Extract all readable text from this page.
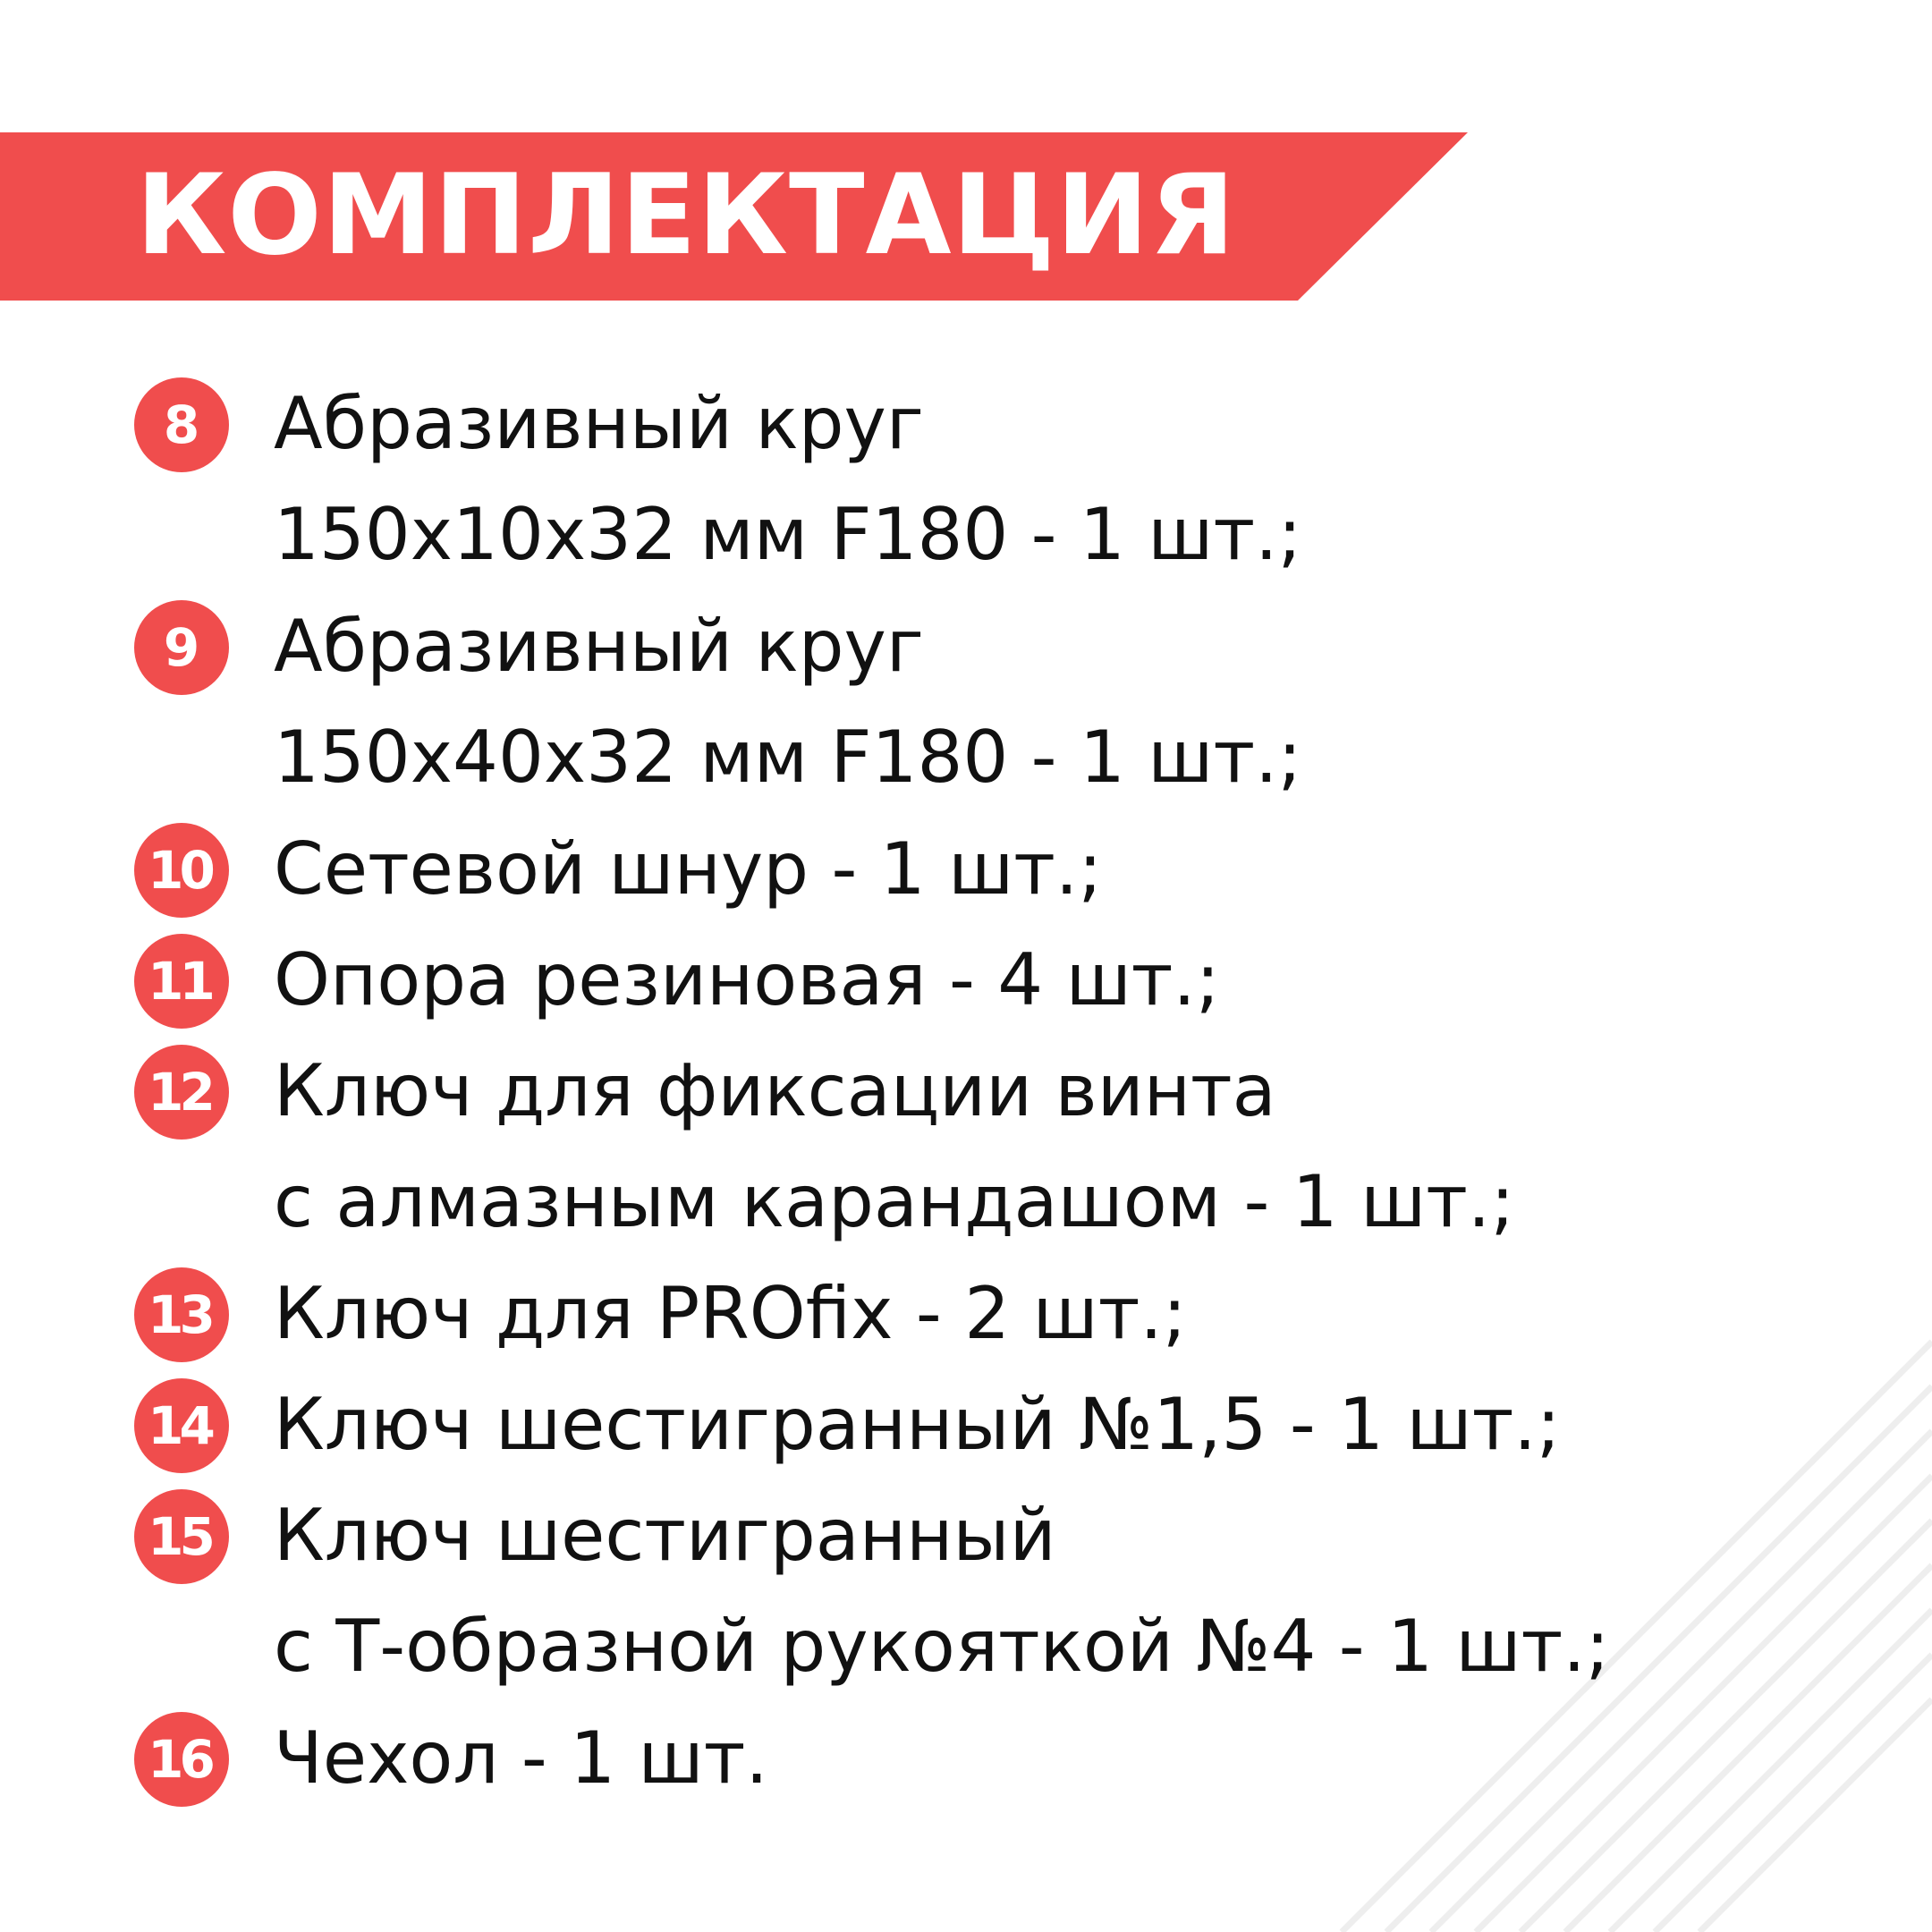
КОМПЛЕКТАЦИЯ
8	Абразивный круг
150х10х32 мм F180 - 1 шт.;
9	Абразивный круг
150х40х32 мм F180 - 1 шт.;
10 Сетевой шнур - 1 шт.;
11 Опора резиновая - 4 шт.;
12 Ключ для фиксации винта
с алмазным карандашом - 1 шт.;
13 Ключ для PROfix - 2 шт.;
14 Ключ шестигранный №1,5 - 1 шт.;
15 Ключ шестигранный
с Т-образной рукояткой №4 - 1 шт.;
16 Чехол - 1 шт.
